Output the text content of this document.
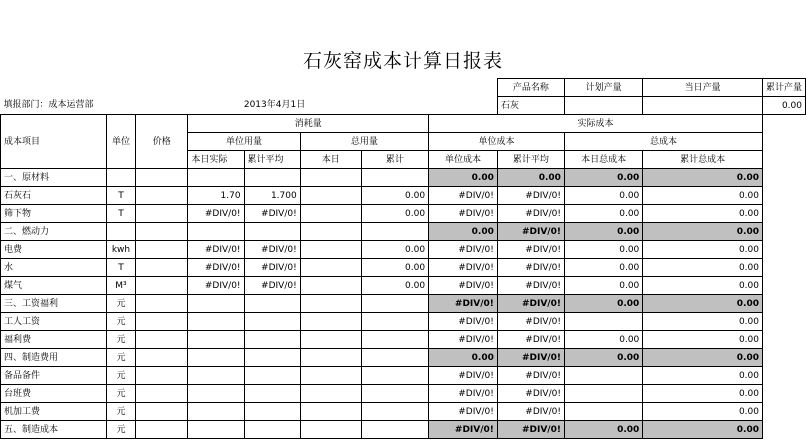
石灰窑成本计算日报表
								产品名称	计划产量	当日产量	累计产量
填报部门：成本运营部			2013年4月1日					石灰			0.00
			消耗量				实际成本				
成本项目	单位	价格	单位用量		总用量		单位成本		总成本		
			本日实际	累计平均	本日	累计	单位成本	累计平均	本日总成本	累计总成本	
一、原材料							0.00	0.00	0.00	0.00	
石灰石	T		1.70	1.700		0.00	#DIV/0!	#DIV/0!	0.00	0.00	
筛下物	T		#DIV/0!	#DIV/0!		0.00	#DIV/0!	#DIV/0!	0.00	0.00	
二、燃动力							0.00	#DIV/0!	0.00	0.00	
电费	kwh		#DIV/0!	#DIV/0!		0.00	#DIV/0!	#DIV/0!	0.00	0.00	
水	T		#DIV/0!	#DIV/0!		0.00	#DIV/0!	#DIV/0!	0.00	0.00	
煤气	M³		#DIV/0!	#DIV/0!		0.00	#DIV/0!	#DIV/0!	0.00	0.00	
三、工资福利	元						#DIV/0!	#DIV/0!	0.00	0.00	
工人工资	元						#DIV/0!	#DIV/0!		0.00	
福利费	元						#DIV/0!	#DIV/0!	0.00	0.00	
四、制造费用	元						0.00	#DIV/0!	0.00	0.00	
备品备件	元						#DIV/0!	#DIV/0!		0.00	
台班费	元						#DIV/0!	#DIV/0!		0.00	
机加工费	元						#DIV/0!	#DIV/0!		0.00	
五、制造成本	元						#DIV/0!	#DIV/0!	0.00	0.00	
